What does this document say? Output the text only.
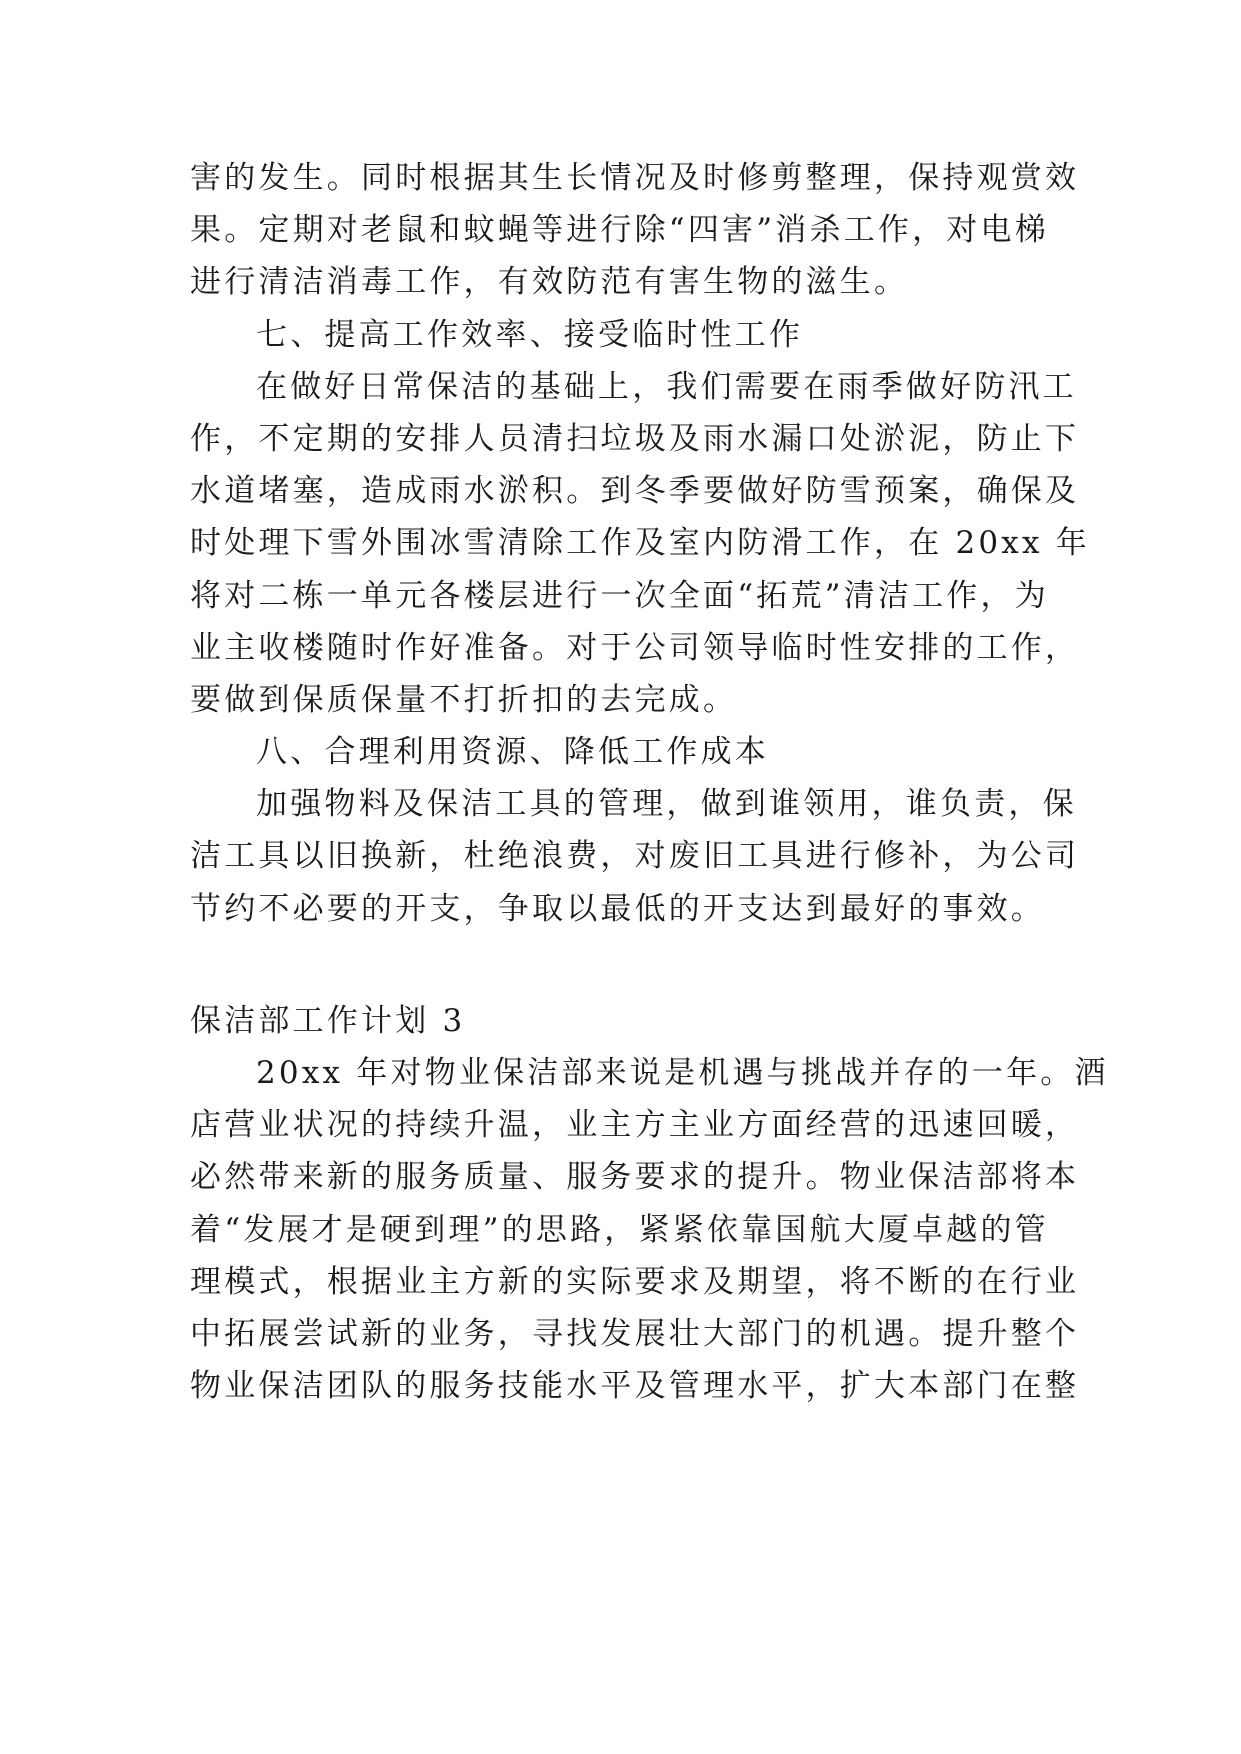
害的发生。同时根据其生长情况及时修剪整理，保持观赏效
果。定期对老鼠和蚊蝇等进行除“四害”消杀工作，对电梯
进行清洁消毒工作，有效防范有害生物的滋生。
七、提高工作效率、接受临时性工作
在做好日常保洁的基础上，我们需要在雨季做好防汛工
作，不定期的安排人员清扫垃圾及雨水漏口处淤泥，防止下
水道堵塞，造成雨水淤积。到冬季要做好防雪预案，确保及
时处理下雪外围冰雪清除工作及室内防滑工作，在 20xx 年
将对二栋一单元各楼层进行一次全面“拓荒”清洁工作，为
业主收楼随时作好准备。对于公司领导临时性安排的工作，
要做到保质保量不打折扣的去完成。
八、合理利用资源、降低工作成本
加强物料及保洁工具的管理，做到谁领用，谁负责，保
洁工具以旧换新，杜绝浪费，对废旧工具进行修补，为公司
节约不必要的开支，争取以最低的开支达到最好的事效。
保洁部工作计划 3
20xx 年对物业保洁部来说是机遇与挑战并存的一年。酒
店营业状况的持续升温，业主方主业方面经营的迅速回暖，
必然带来新的服务质量、服务要求的提升。物业保洁部将本
着“发展才是硬到理”的思路，紧紧依靠国航大厦卓越的管
理模式，根据业主方新的实际要求及期望，将不断的在行业
中拓展尝试新的业务，寻找发展壮大部门的机遇。提升整个
物业保洁团队的服务技能水平及管理水平，扩大本部门在整
